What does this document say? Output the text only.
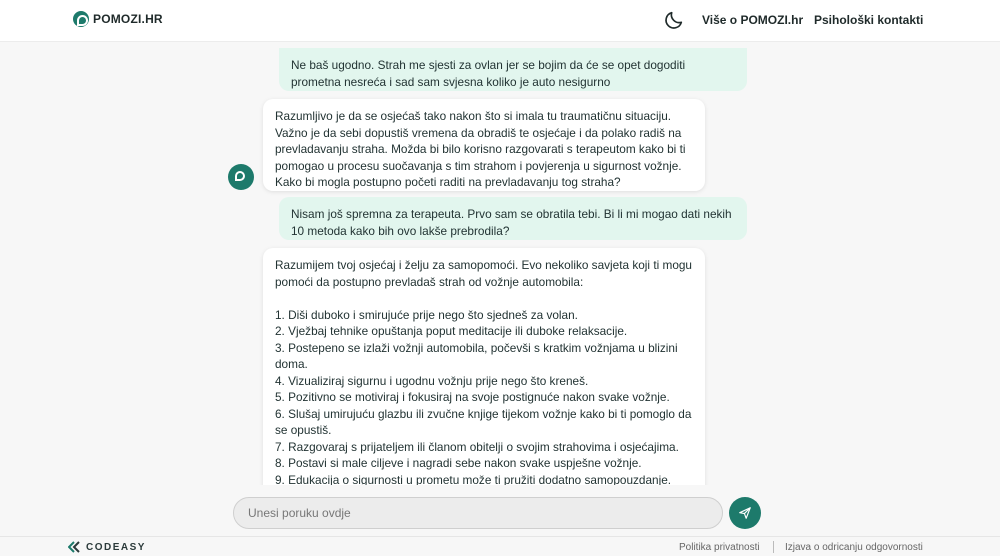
POMOZI.HR	Više o POMOZI.hr Psihološki kontakti

Ne baš ugodno. Strah me sjesti za ovlan jer se bojim da će se opet dogoditi prometna nesreća i sad sam svjesna koliko je auto nesigurno

Razumljivo je da se osjećaš tako nakon što si imala tu traumatičnu situaciju. Važno je da sebi dopustiš vremena da obradiš te osjećaje i da polako radiš na prevladavanju straha. Možda bi bilo korisno razgovarati s terapeutom kako bi ti pomogao u procesu suočavanja s tim strahom i povjerenja u sigurnost vožnje. Kako bi mogla postupno početi raditi na prevladavanju tog straha?

Nisam još spremna za terapeuta. Prvo sam se obratila tebi. Bi li mi mogao dati nekih 10 metoda kako bih ovo lakše prebrodila?

Razumijem tvoj osjećaj i želju za samopomoći. Evo nekoliko savjeta koji ti mogu pomoći da postupno prevladaš strah od vožnje automobila:

1. Diši duboko i smirujuće prije nego što sjedneš za volan.
2. Vježbaj tehnike opuštanja poput meditacije ili duboke relaksacije.
3. Postepeno se izlaži vožnji automobila, počevši s kratkim vožnjama u blizini doma.
4. Vizualiziraj sigurnu i ugodnu vožnju prije nego što kreneš.
5. Pozitivno se motiviraj i fokusiraj na svoje postignuće nakon svake vožnje.
6. Slušaj umirujuću glazbu ili zvučne knjige tijekom vožnje kako bi ti pomoglo da se opustiš.
7. Razgovaraj s prijateljem ili članom obitelji o svojim strahovima i osjećajima.
8. Postavi si male ciljeve i nagradi sebe nakon svake uspješne vožnje.
9. Edukacija o sigurnosti u prometu može ti pružiti dodatno samopouzdanje.

Unesi poruku ovdje
CODEASY	Politika privatnosti	Izjava o odricanju odgovornosti
